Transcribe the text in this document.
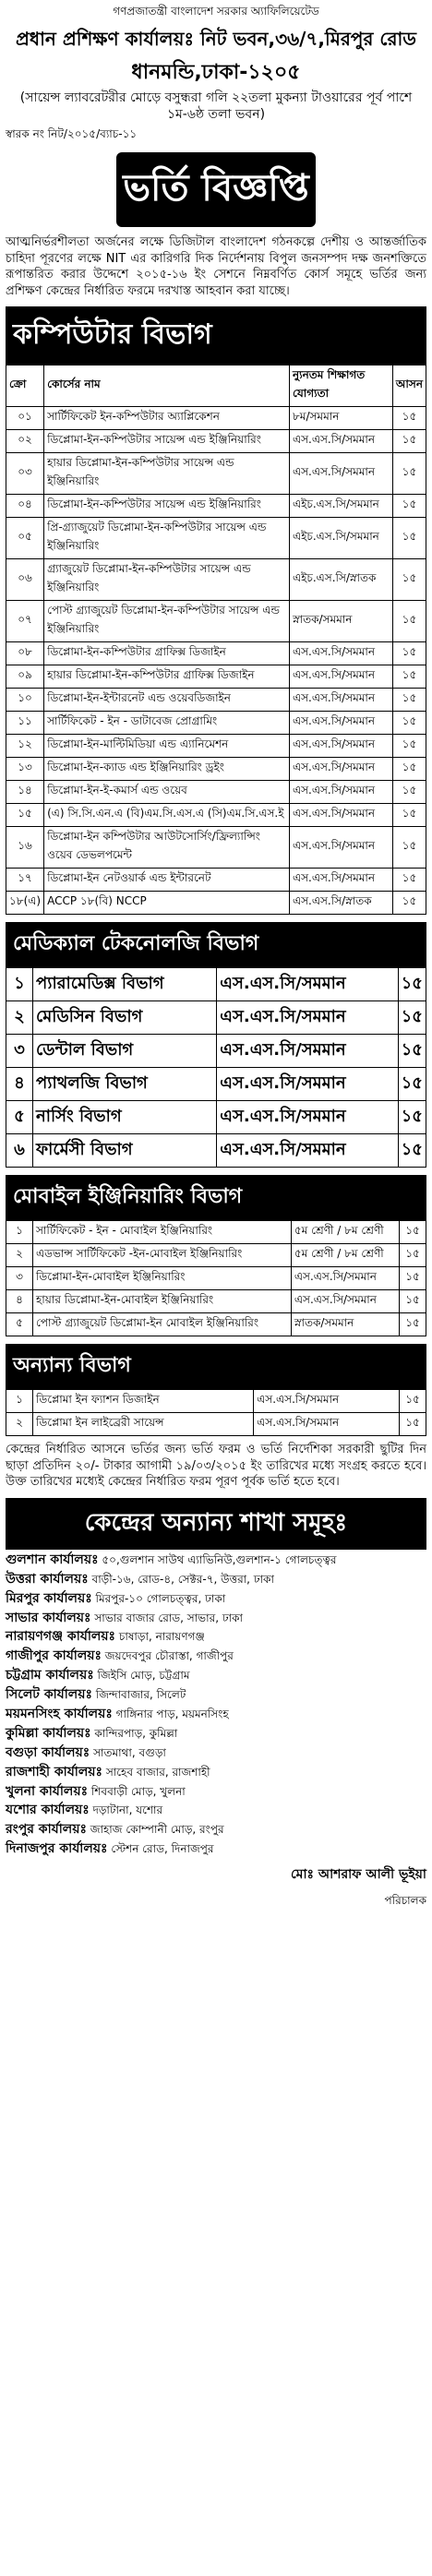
গণপ্রজাতন্ত্রী বাংলাদেশ সরকার অ্যাফিলিয়েটেড
প্রধান প্রশিক্ষণ কার্যালয়ঃ নিট ভবন,৩৬/৭,মিরপুর রোড
ধানমন্ডি,ঢাকা-১২০৫
(সায়েন্স ল্যাবরেটরীর মোড়ে বসুন্ধরা গলি ২২তলা মুকন্যা টাওয়ারের পূর্ব পাশে ১ম-৬ষ্ঠ তলা ভবন)
স্বারক নং নিট/২০১৫/ব্যাচ-১১
ভর্তি বিজ্ঞপ্তি
আত্মনির্ভরশীলতা অর্জনের লক্ষে ডিজিটাল বাংলাদেশ গঠনকল্পে দেশীয় ও আন্তর্জাতিক চাহিদা পূরণের লক্ষে NIT এর কারিগরি দিক নির্দেশনায় বিপুল জনসম্পদ দক্ষ জনশক্তিতে রূপান্তরিত করার উদ্দেশে ২০১৫-১৬ ইং সেশনে নিম্নবর্ণিত কোর্স সমূহে ভর্তির জন্য প্রশিক্ষণ কেন্দ্রের নির্ধারিত ফরমে দরখাস্ত আহবান করা যাচ্ছে।
কম্পিউটার বিভাগ
ক্রো	কোর্সের নাম	ন্যুনতম শিক্ষাগত যোগ্যতা	আসন
০১	সার্টিফিকেট ইন-কম্পিউটার অ্যাপ্লিকেশন	৮ম/সমমান	১৫
০২	ডিপ্লোমা-ইন-কম্পিউটার সায়েন্স এন্ড ইঞ্জিনিয়ারিং	এস.এস.সি/সমমান	১৫
০৩	হায়ার ডিপ্লোমা-ইন-কম্পিউটার সায়েন্স এন্ড ইঞ্জিনিয়ারিং	এস.এস.সি/সমমান	১৫
০৪	ডিপ্লোমা-ইন-কম্পিউটার সায়েন্স এন্ড ইঞ্জিনিয়ারিং	এইচ.এস.সি/সমমান	১৫
০৫	প্রি-গ্র্যাজুয়েট ডিপ্লোমা-ইন-কম্পিউটার সায়েন্স এন্ড ইঞ্জিনিয়ারিং	এইচ.এস.সি/সমমান	১৫
০৬	গ্র্যাজুয়েট ডিপ্লোমা-ইন-কম্পিউটার সায়েন্স এন্ড ইঞ্জিনিয়ারিং	এইচ.এস.সি/স্নাতক	১৫
০৭	পোস্ট গ্র্যাজুয়েট ডিপ্লোমা-ইন-কম্পিউটার সায়েন্স এন্ড ইঞ্জিনিয়ারিং	স্নাতক/সমমান	১৫
০৮	ডিপ্লোমা-ইন-কম্পিউটার গ্রাফিক্স ডিজাইন	এস.এস.সি/সমমান	১৫
০৯	হায়ার ডিপ্লোমা-ইন-কম্পিউটার গ্রাফিক্স ডিজাইন	এস.এস.সি/সমমান	১৫
১০	ডিপ্লোমা-ইন-ইন্টারনেট এন্ড ওয়েবডিজাইন	এস.এস.সি/সমমান	১৫
১১	সার্টিফিকেট - ইন - ডাটাবেজ প্রোগ্রামিং	এস.এস.সি/সমমান	১৫
১২	ডিপ্লোমা-ইন-মাল্টিমিডিয়া এন্ড এ্যানিমেশন	এস.এস.সি/সমমান	১৫
১৩	ডিপ্লোমা-ইন-ক্যাড এন্ড ইঞ্জিনিয়ারিং ড্রইং	এস.এস.সি/সমমান	১৫
১৪	ডিপ্লোমা-ইন-ই-কমার্স এন্ড ওয়েব	এস.এস.সি/সমমান	১৫
১৫	(এ) সি.সি.এন.এ (বি)এম.সি.এস.এ (সি)এম.সি.এস.ই	এস.এস.সি/সমমান	১৫
১৬	ডিপ্লোমা-ইন কম্পিউটার আউটসোর্সিং/ফ্রিল্যান্সিং ওয়েব ডেভলপমেন্ট	এস.এস.সি/সমমান	১৫
১৭	ডিপ্লোমা-ইন নেটওয়ার্ক এন্ড ইন্টারনেট	এস.এস.সি/সমমান	১৫
১৮(এ)	ACCP ১৮(বি) NCCP	এস.এস.সি/স্নাতক	১৫
মেডিক্যাল টেকনোলজি বিভাগ
১	প্যারামেডিক্স বিভাগ	এস.এস.সি/সমমান	১৫
২	মেডিসিন বিভাগ	এস.এস.সি/সমমান	১৫
৩	ডেন্টাল বিভাগ	এস.এস.সি/সমমান	১৫
৪	প্যাথলজি বিভাগ	এস.এস.সি/সমমান	১৫
৫	নার্সিং বিভাগ	এস.এস.সি/সমমান	১৫
৬	ফার্মেসী বিভাগ	এস.এস.সি/সমমান	১৫
মোবাইল ইঞ্জিনিয়ারিং বিভাগ
১	সার্টিফিকেট - ইন - মোবাইল ইঞ্জিনিয়ারিং	৫ম শ্রেণী / ৮ম শ্রেণী	১৫
২	এডভান্স সার্টিফিকেট -ইন-মোবাইল ইঞ্জিনিয়ারিং	৫ম শ্রেণী / ৮ম শ্রেণী	১৫
৩	ডিপ্লোমা-ইন-মোবাইল ইঞ্জিনিয়ারিং	এস.এস.সি/সমমান	১৫
৪	হায়ার ডিপ্লোমা-ইন-মোবাইল ইঞ্জিনিয়ারিং	এস.এস.সি/সমমান	১৫
৫	পোস্ট গ্র্যাজুয়েট ডিপ্লোমা-ইন মোবাইল ইঞ্জিনিয়ারিং	স্নাতক/সমমান	১৫
অন্যান্য বিভাগ
১	ডিপ্লোমা ইন ফ্যাশন ডিজাইন	এস.এস.সি/সমমান	১৫
২	ডিপ্লোমা ইন লাইব্রেরী সায়েন্স	এস.এস.সি/সমমান	১৫
কেন্দ্রের নির্ধারিত আসনে ভর্তির জন্য ভর্তি ফরম ও ভর্তি নির্দেশিকা সরকারী ছুটির দিন ছাড়া প্রতিদিন ২০/- টাকার আগামী ১৯/০৩/২০১৫ ইং তারিখের মধ্যে সংগ্রহ করতে হবে। উক্ত তারিখের মধ্যেই কেন্দ্রের নির্ধারিত ফরম পূরণ পূর্বক ভর্তি হতে হবে।
কেন্দ্রের অন্যান্য শাখা সমূহঃ
গুলশান কার্যালয়ঃ ৫০,গুলশান সাউথ এ্যাভিনিউ,গুলশান-১ গোলচত্ত্বর
উত্তরা কার্যালয়ঃ বাড়ী-১৬, রোড-৪, সেক্টর-৭, উত্তরা, ঢাকা
মিরপুর কার্যালয়ঃ মিরপুর-১০ গোলচত্ত্বর, ঢাকা
সাভার কার্যালয়ঃ সাভার বাজার রোড, সাভার, ঢাকা
নারায়ণগঞ্জ কার্যালয়ঃ চাষাড়া, নারায়ণগঞ্জ
গাজীপুর কার্যালয়ঃ জয়দেবপুর চৌরাস্তা, গাজীপুর
চট্টগ্রাম কার্যালয়ঃ জিইসি মোড়, চট্টগ্রাম
সিলেট কার্যালয়ঃ জিন্দাবাজার, সিলেট
ময়মনসিংহ কার্যালয়ঃ গাঙ্গিনার পাড়, ময়মনসিংহ
কুমিল্লা কার্যালয়ঃ কান্দিরপাড়, কুমিল্লা
বগুড়া কার্যালয়ঃ সাতমাথা, বগুড়া
রাজশাহী কার্যালয়ঃ সাহেব বাজার, রাজশাহী
খুলনা কার্যালয়ঃ শিববাড়ী মোড়, খুলনা
যশোর কার্যালয়ঃ দড়াটানা, যশোর
রংপুর কার্যালয়ঃ জাহাজ কোম্পানী মোড়, রংপুর
দিনাজপুর কার্যালয়ঃ স্টেশন রোড, দিনাজপুর
মোঃ আশরাফ আলী ভূইয়া
পরিচালক
